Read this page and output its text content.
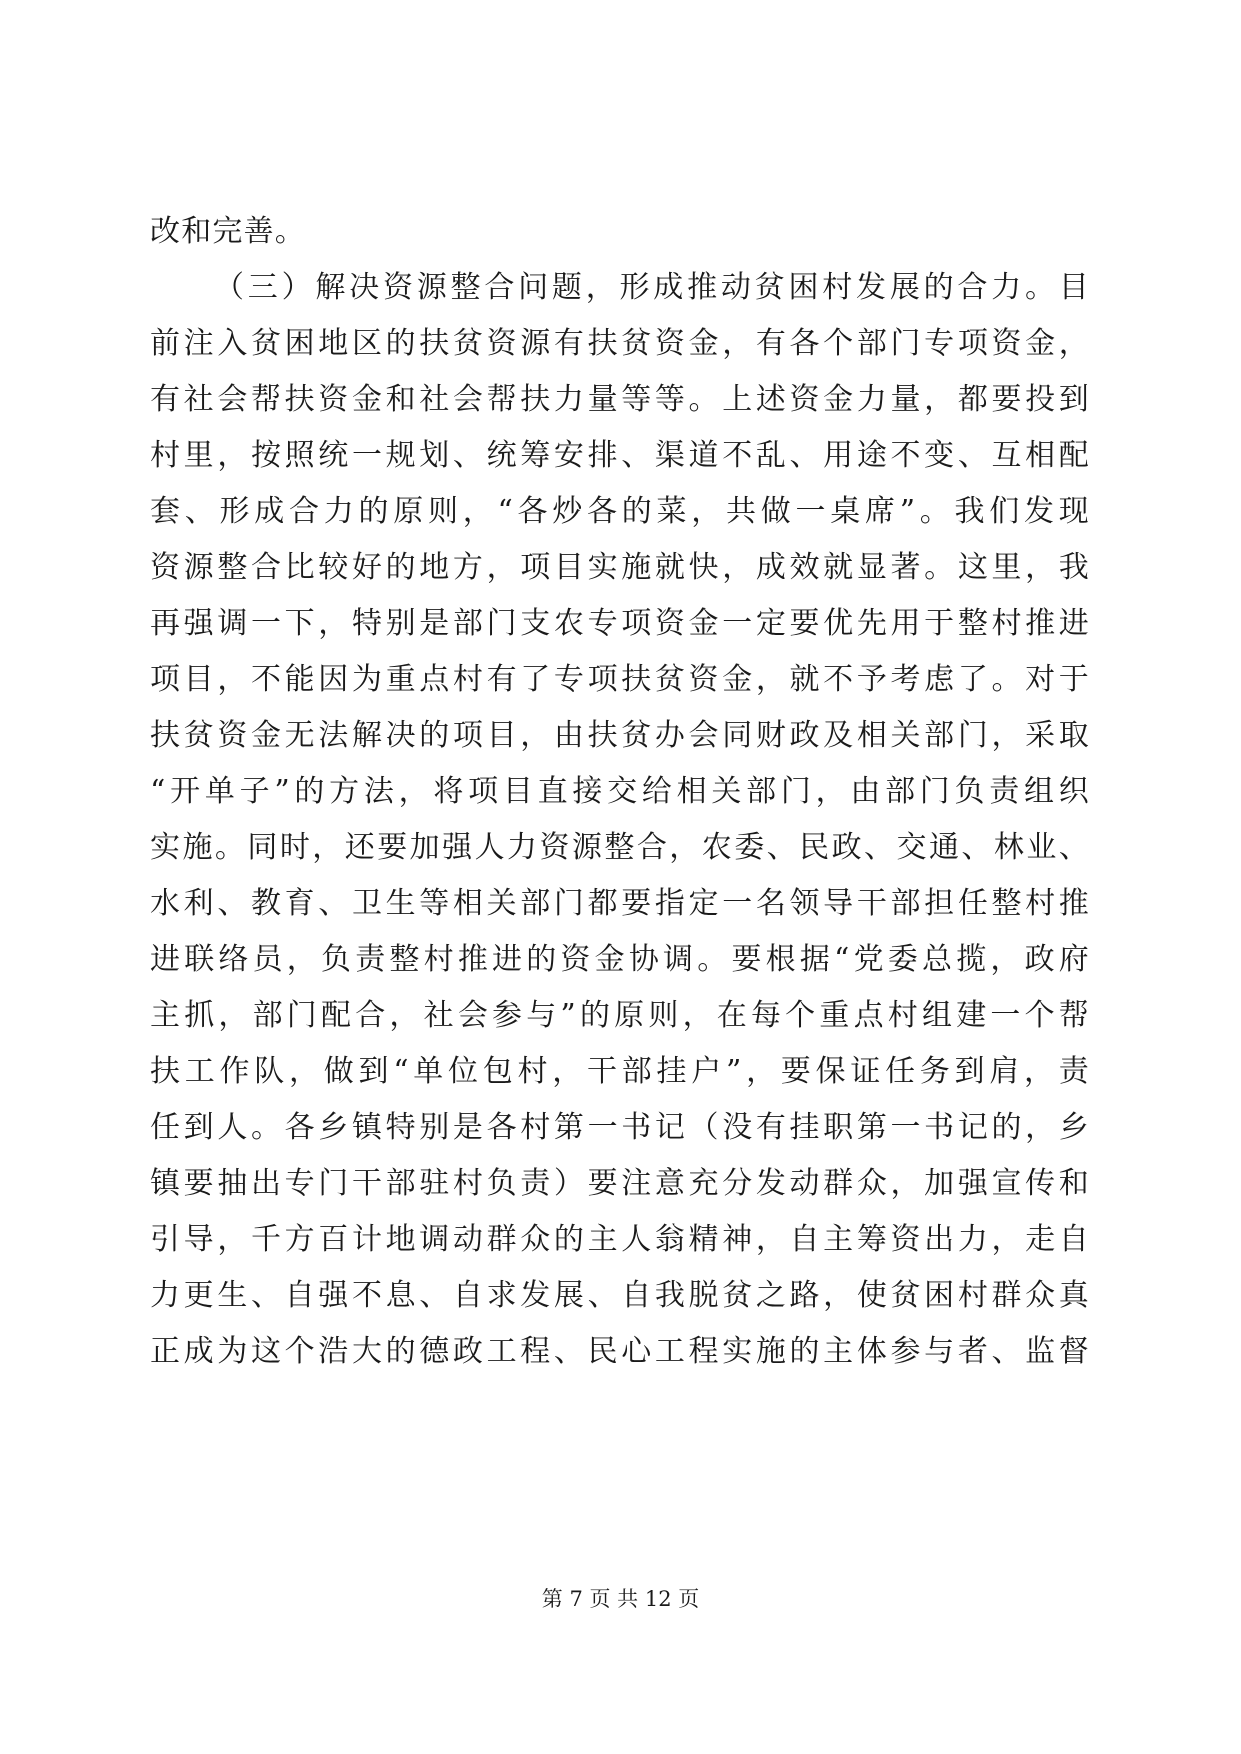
改和完善。
（三）解决资源整合问题，形成推动贫困村发展的合力。目
前注入贫困地区的扶贫资源有扶贫资金，有各个部门专项资金，
有社会帮扶资金和社会帮扶力量等等。上述资金力量，都要投到
村里，按照统一规划、统筹安排、渠道不乱、用途不变、互相配
套、形成合力的原则，“各炒各的菜，共做一桌席”。我们发现
资源整合比较好的地方，项目实施就快，成效就显著。这里，我
再强调一下，特别是部门支农专项资金一定要优先用于整村推进
项目，不能因为重点村有了专项扶贫资金，就不予考虑了。对于
扶贫资金无法解决的项目，由扶贫办会同财政及相关部门，采取
“开单子”的方法，将项目直接交给相关部门，由部门负责组织
实施。同时，还要加强人力资源整合，农委、民政、交通、林业、
水利、教育、卫生等相关部门都要指定一名领导干部担任整村推
进联络员，负责整村推进的资金协调。要根据“党委总揽，政府
主抓，部门配合，社会参与”的原则，在每个重点村组建一个帮
扶工作队，做到“单位包村，干部挂户”，要保证任务到肩，责
任到人。各乡镇特别是各村第一书记（没有挂职第一书记的，乡
镇要抽出专门干部驻村负责）要注意充分发动群众，加强宣传和
引导，千方百计地调动群众的主人翁精神，自主筹资出力，走自
力更生、自强不息、自求发展、自我脱贫之路，使贫困村群众真
正成为这个浩大的德政工程、民心工程实施的主体参与者、监督
第 7 页 共 12 页
